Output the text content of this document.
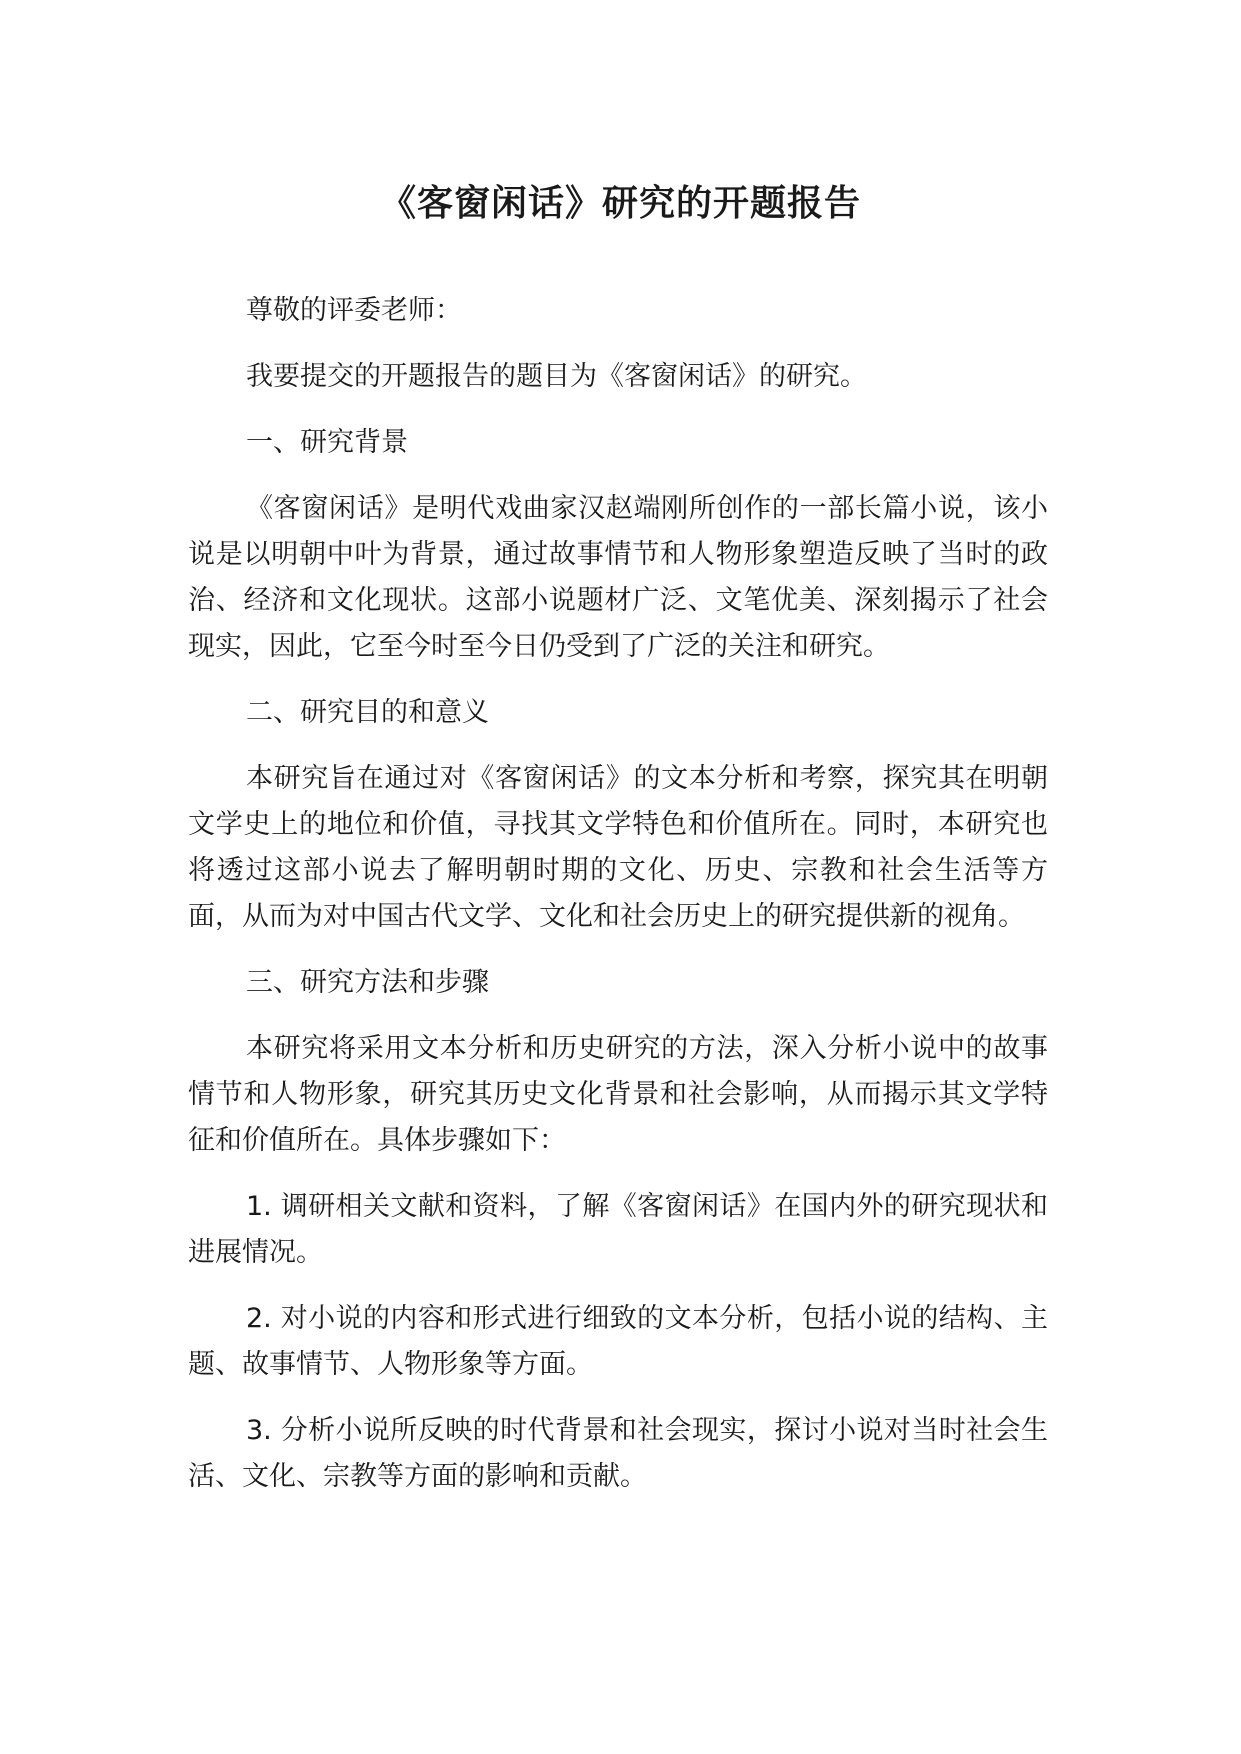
《客窗闲话》研究的开题报告

尊敬的评委老师：

我要提交的开题报告的题目为《客窗闲话》的研究。

一、研究背景

《客窗闲话》是明代戏曲家汉赵端刚所创作的一部长篇小说，该小说是以明朝中叶为背景，通过故事情节和人物形象塑造反映了当时的政治、经济和文化现状。这部小说题材广泛、文笔优美、深刻揭示了社会现实，因此，它至今时至今日仍受到了广泛的关注和研究。

二、研究目的和意义

本研究旨在通过对《客窗闲话》的文本分析和考察，探究其在明朝文学史上的地位和价值，寻找其文学特色和价值所在。同时，本研究也将透过这部小说去了解明朝时期的文化、历史、宗教和社会生活等方面，从而为对中国古代文学、文化和社会历史上的研究提供新的视角。

三、研究方法和步骤

本研究将采用文本分析和历史研究的方法，深入分析小说中的故事情节和人物形象，研究其历史文化背景和社会影响，从而揭示其文学特征和价值所在。具体步骤如下：

1. 调研相关文献和资料，了解《客窗闲话》在国内外的研究现状和进展情况。

2. 对小说的内容和形式进行细致的文本分析，包括小说的结构、主题、故事情节、人物形象等方面。

3. 分析小说所反映的时代背景和社会现实，探讨小说对当时社会生活、文化、宗教等方面的影响和贡献。
